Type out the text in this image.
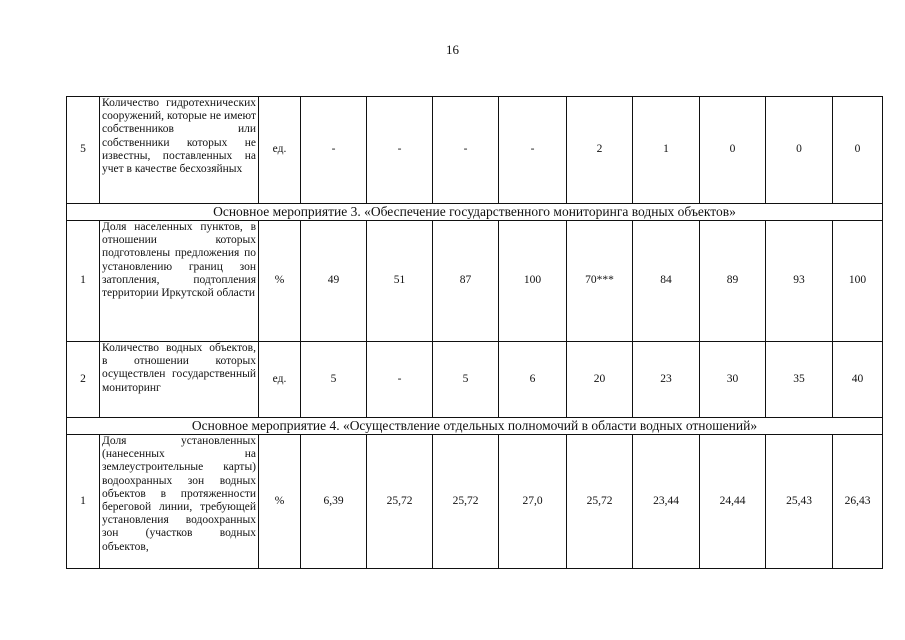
16
5	Количество гидротехнических сооружений, которые не имеют собственников или собственники которых не известны, поставленных на учет в качестве бесхозяйных	ед.	-	-	-	-	2	1	0	0	0
Основное мероприятие 3. «Обеспечение государственного мониторинга водных объектов»											
1	Доля населенных пунктов, в отношении которых подготовлены предложения по установлению границ зон затопления, подтопления территории Иркутской области	%	49	51	87	100	70***	84	89	93	100
2	Количество водных объектов, в отношении которых осуществлен государственный мониторинг	ед.	5	-	5	6	20	23	30	35	40
Основное мероприятие 4. «Осуществление отдельных полномочий в области водных отношений»											
1	Доля установленных (нанесенных на землеустроительные карты) водоохранных зон водных объектов в протяженности береговой линии, требующей установления водоохранных зон (участков водных объектов,	%	6,39	25,72	25,72	27,0	25,72	23,44	24,44	25,43	26,43
